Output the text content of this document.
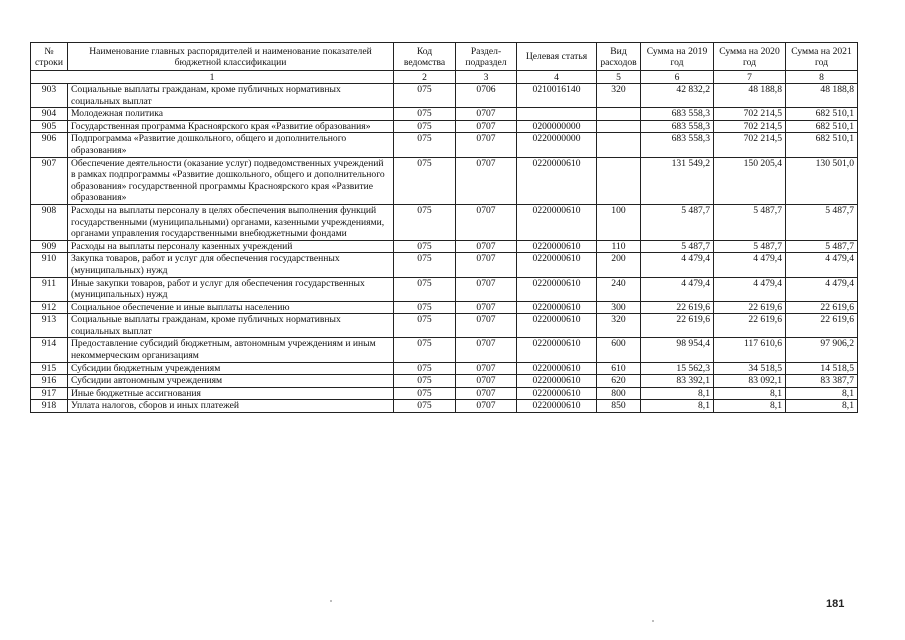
№ строки	Наименование главных распорядителей и наименование показателей бюджетной классификации	Код ведомства	Раздел-подраздел	Целевая статья	Вид расходов	Сумма на 2019 год	Сумма на 2020 год	Сумма на 2021 год
1		2	3	4	5	6	7	8
903	Социальные выплаты гражданам, кроме публичных нормативных социальных выплат	075	0706	0210016140	320	42 832,2	48 188,8	48 188,8
904	Молодежная политика	075	0707			683 558,3	702 214,5	682 510,1
905	Государственная программа Красноярского края «Развитие образования»	075	0707	0200000000		683 558,3	702 214,5	682 510,1
906	Подпрограмма «Развитие дошкольного, общего и дополнительного образования»	075	0707	0220000000		683 558,3	702 214,5	682 510,1
907	Обеспечение деятельности (оказание услуг) подведомственных учреждений в рамках подпрограммы «Развитие дошкольного, общего и дополнительного образования» государственной программы Красноярского края «Развитие образования»	075	0707	0220000610		131 549,2	150 205,4	130 501,0
908	Расходы на выплаты персоналу в целях обеспечения выполнения функций государственными (муниципальными) органами, казенными учреждениями, органами управления государственными внебюджетными фондами	075	0707	0220000610	100	5 487,7	5 487,7	5 487,7
909	Расходы на выплаты персоналу казенных учреждений	075	0707	0220000610	110	5 487,7	5 487,7	5 487,7
910	Закупка товаров, работ и услуг для обеспечения государственных (муниципальных) нужд	075	0707	0220000610	200	4 479,4	4 479,4	4 479,4
911	Иные закупки товаров, работ и услуг для обеспечения государственных (муниципальных) нужд	075	0707	0220000610	240	4 479,4	4 479,4	4 479,4
912	Социальное обеспечение и иные выплаты населению	075	0707	0220000610	300	22 619,6	22 619,6	22 619,6
913	Социальные выплаты гражданам, кроме публичных нормативных социальных выплат	075	0707	0220000610	320	22 619,6	22 619,6	22 619,6
914	Предоставление субсидий бюджетным, автономным учреждениям и иным некоммерческим организациям	075	0707	0220000610	600	98 954,4	117 610,6	97 906,2
915	Субсидии бюджетным учреждениям	075	0707	0220000610	610	15 562,3	34 518,5	14 518,5
916	Субсидии автономным учреждениям	075	0707	0220000610	620	83 392,1	83 092,1	83 387,7
917	Иные бюджетные ассигнования	075	0707	0220000610	800	8,1	8,1	8,1
918	Уплата налогов, сборов и иных платежей	075	0707	0220000610	850	8,1	8,1	8,1
181
